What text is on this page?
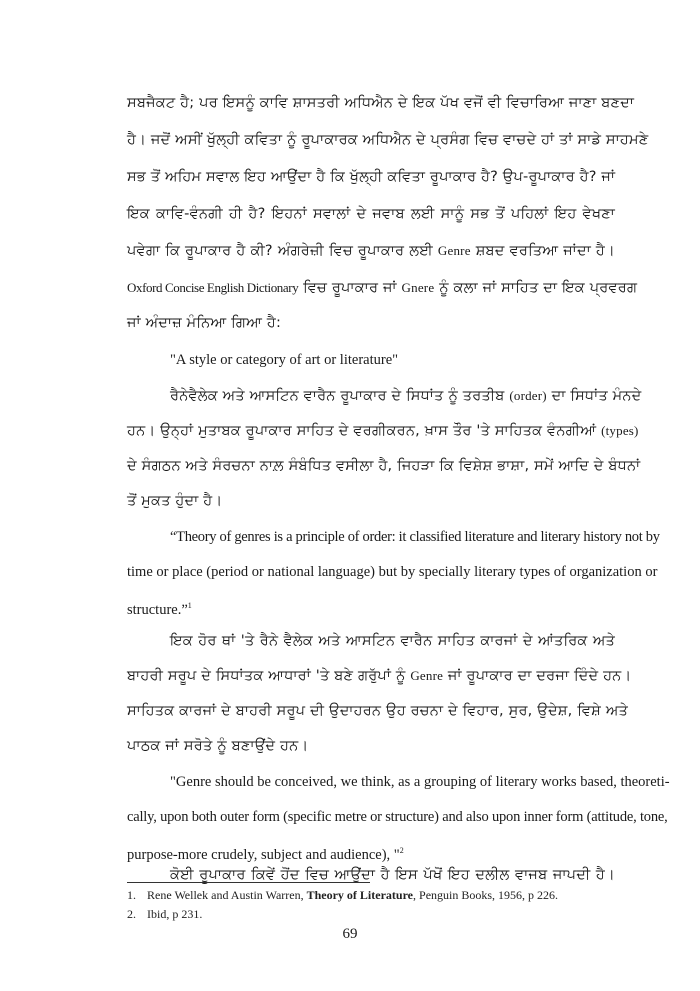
ਸਬਜੈਕਟ ਹੈ; ਪਰ ਇਸਨੂੰ ਕਾਵਿ ਸ਼ਾਸਤਰੀ ਅਧਿਐਨ ਦੇ ਇਕ ਪੱਖ ਵਜੋਂ ਵੀ ਵਿਚਾਰਿਆ ਜਾਣਾ ਬਣਦਾ
ਹੈ। ਜਦੋਂ ਅਸੀਂ ਖੁੱਲ੍ਹੀ ਕਵਿਤਾ ਨੂੰ ਰੂਪਾਕਾਰਕ ਅਧਿਐਨ ਦੇ ਪ੍ਰਸੰਗ ਵਿਚ ਵਾਚਦੇ ਹਾਂ ਤਾਂ ਸਾਡੇ ਸਾਹਮਣੇ
ਸਭ ਤੋਂ ਅਹਿਮ ਸਵਾਲ ਇਹ ਆਉਂਦਾ ਹੈ ਕਿ ਖੁੱਲ੍ਹੀ ਕਵਿਤਾ ਰੂਪਾਕਾਰ ਹੈ? ਉਪ-ਰੂਪਾਕਾਰ ਹੈ? ਜਾਂ
ਇਕ ਕਾਵਿ-ਵੰਨਗੀ ਹੀ ਹੈ? ਇਹਨਾਂ ਸਵਾਲਾਂ ਦੇ ਜਵਾਬ ਲਈ ਸਾਨੂੰ ਸਭ ਤੋਂ ਪਹਿਲਾਂ ਇਹ ਵੇਖਣਾ
ਪਵੇਗਾ ਕਿ ਰੂਪਾਕਾਰ ਹੈ ਕੀ? ਅੰਗਰੇਜ਼ੀ ਵਿਚ ਰੂਪਾਕਾਰ ਲਈ Genre ਸ਼ਬਦ ਵਰਤਿਆ ਜਾਂਦਾ ਹੈ।
Oxford Concise English Dictionary ਵਿਚ ਰੂਪਾਕਾਰ ਜਾਂ Gnere ਨੂੰ ਕਲਾ ਜਾਂ ਸਾਹਿਤ ਦਾ ਇਕ ਪ੍ਰਵਰਗ
ਜਾਂ ਅੰਦਾਜ਼ ਮੰਨਿਆ ਗਿਆ ਹੈ:
"A style or category of art or literature"
ਰੈਨੇਵੈਲੇਕ ਅਤੇ ਆਸਟਿਨ ਵਾਰੈਨ ਰੂਪਾਕਾਰ ਦੇ ਸਿਧਾਂਤ ਨੂੰ ਤਰਤੀਬ (order) ਦਾ ਸਿਧਾਂਤ ਮੰਨਦੇ
ਹਨ। ਉਨ੍ਹਾਂ ਮੁਤਾਬਕ ਰੂਪਾਕਾਰ ਸਾਹਿਤ ਦੇ ਵਰਗੀਕਰਨ, ਖ਼ਾਸ ਤੌਰ 'ਤੇ ਸਾਹਿਤਕ ਵੰਨਗੀਆਂ (types)
ਦੇ ਸੰਗਠਨ ਅਤੇ ਸੰਰਚਨਾ ਨਾਲ਼ ਸੰਬੰਧਿਤ ਵਸੀਲਾ ਹੈ, ਜਿਹੜਾ ਕਿ ਵਿਸ਼ੇਸ਼ ਭਾਸ਼ਾ, ਸਮੇਂ ਆਦਿ ਦੇ ਬੰਧਨਾਂ
ਤੋਂ ਮੁਕਤ ਹੁੰਦਾ ਹੈ।
“Theory of genres is a principle of order: it classified literature and literary history not by
time or place (period or national language) but by specially literary types of organization or
structure.”$^1$
ਇਕ ਹੋਰ ਥਾਂ 'ਤੇ ਰੈਨੇ ਵੈਲੇਕ ਅਤੇ ਆਸਟਿਨ ਵਾਰੈਨ ਸਾਹਿਤ ਕਾਰਜਾਂ ਦੇ ਆਂਤਰਿਕ ਅਤੇ
ਬਾਹਰੀ ਸਰੂਪ ਦੇ ਸਿਧਾਂਤਕ ਆਧਾਰਾਂ 'ਤੇ ਬਣੇ ਗਰੁੱਪਾਂ ਨੂੰ Genre ਜਾਂ ਰੂਪਾਕਾਰ ਦਾ ਦਰਜਾ ਦਿੰਦੇ ਹਨ।
ਸਾਹਿਤਕ ਕਾਰਜਾਂ ਦੇ ਬਾਹਰੀ ਸਰੂਪ ਦੀ ਉਦਾਹਰਨ ਉਹ ਰਚਨਾ ਦੇ ਵਿਹਾਰ, ਸੁਰ, ਉਦੇਸ਼, ਵਿਸ਼ੇ ਅਤੇ
ਪਾਠਕ ਜਾਂ ਸਰੋਤੇ ਨੂੰ ਬਣਾਉਂਦੇ ਹਨ।
"Genre should be conceived, we think, as a grouping of literary works based, theoreti-
cally, upon both outer form (specific metre or structure) and also upon inner form (attitude, tone,
purpose-more crudely, subject and audience), "$^2$
ਕੋਈ ਰੂਪਾਕਾਰ ਕਿਵੇਂ ਹੋਂਦ ਵਿਚ ਆਉਂਦਾ ਹੈ ਇਸ ਪੱਖੋਂ ਇਹ ਦਲੀਲ ਵਾਜਬ ਜਾਪਦੀ ਹੈ।
1. Rene Wellek and Austin Warren, Theory of Literature, Penguin Books, 1956, p 226.
2. Ibid, p 231.
69
